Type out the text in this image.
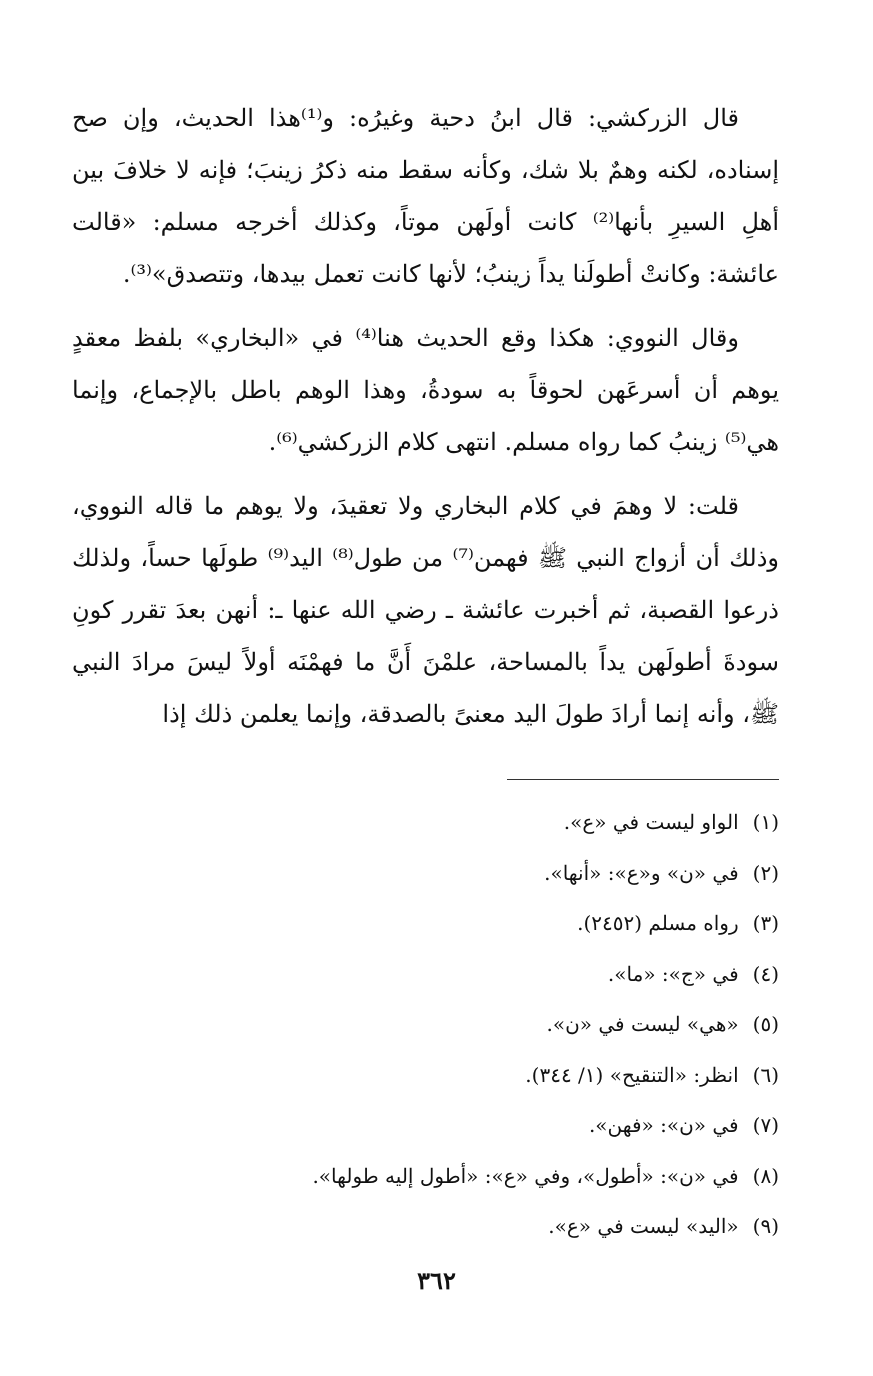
قال الزركشي: قال ابنُ دحية وغيرُه: و⁽¹⁾هذا الحديث، وإن صح إسناده، لكنه وهمٌ بلا شك، وكأنه سقط منه ذكرُ زينبَ؛ فإنه لا خلافَ بين أهلِ السيرِ بأنها⁽²⁾ كانت أولَهن موتاً، وكذلك أخرجه مسلم: «قالت عائشة: وكانتْ أطولَنا يداً زينبُ؛ لأنها كانت تعمل بيدها، وتتصدق»⁽³⁾.

وقال النووي: هكذا وقع الحديث هنا⁽⁴⁾ في «البخاري» بلفظ معقدٍ يوهم أن أسرعَهن لحوقاً به سودةُ، وهذا الوهم باطل بالإجماع، وإنما هي⁽⁵⁾ زينبُ كما رواه مسلم. انتهى كلام الزركشي⁽⁶⁾.

قلت: لا وهمَ في كلام البخاري ولا تعقيدَ، ولا يوهم ما قاله النووي، وذلك أن أزواج النبي ﷺ فهمن⁽⁷⁾ من طول⁽⁸⁾ اليد⁽⁹⁾ طولَها حساً، ولذلك ذرعوا القصبة، ثم أخبرت عائشة ـ رضي الله عنها ـ: أنهن بعدَ تقرر كونِ سودةَ أطولَهن يداً بالمساحة، علمْنَ أَنَّ ما فهمْنَه أولاً ليسَ مرادَ النبي ﷺ، وأنه إنما أرادَ طولَ اليد معنىً بالصدقة، وإنما يعلمن ذلك إذا

(١)الواو ليست في «ع».
(٢)في «ن» و«ع»: «أنها».
(٣)رواه مسلم (٢٤٥٢).
(٤)في «ج»: «ما».
(٥)«هي» ليست في «ن».
(٦)انظر: «التنقيح» (١/ ٣٤٤).
(٧)في «ن»: «فهن».
(٨)في «ن»: «أطول»، وفي «ع»: «أطول إليه طولها».
(٩)«اليد» ليست في «ع».
٣٦٢
